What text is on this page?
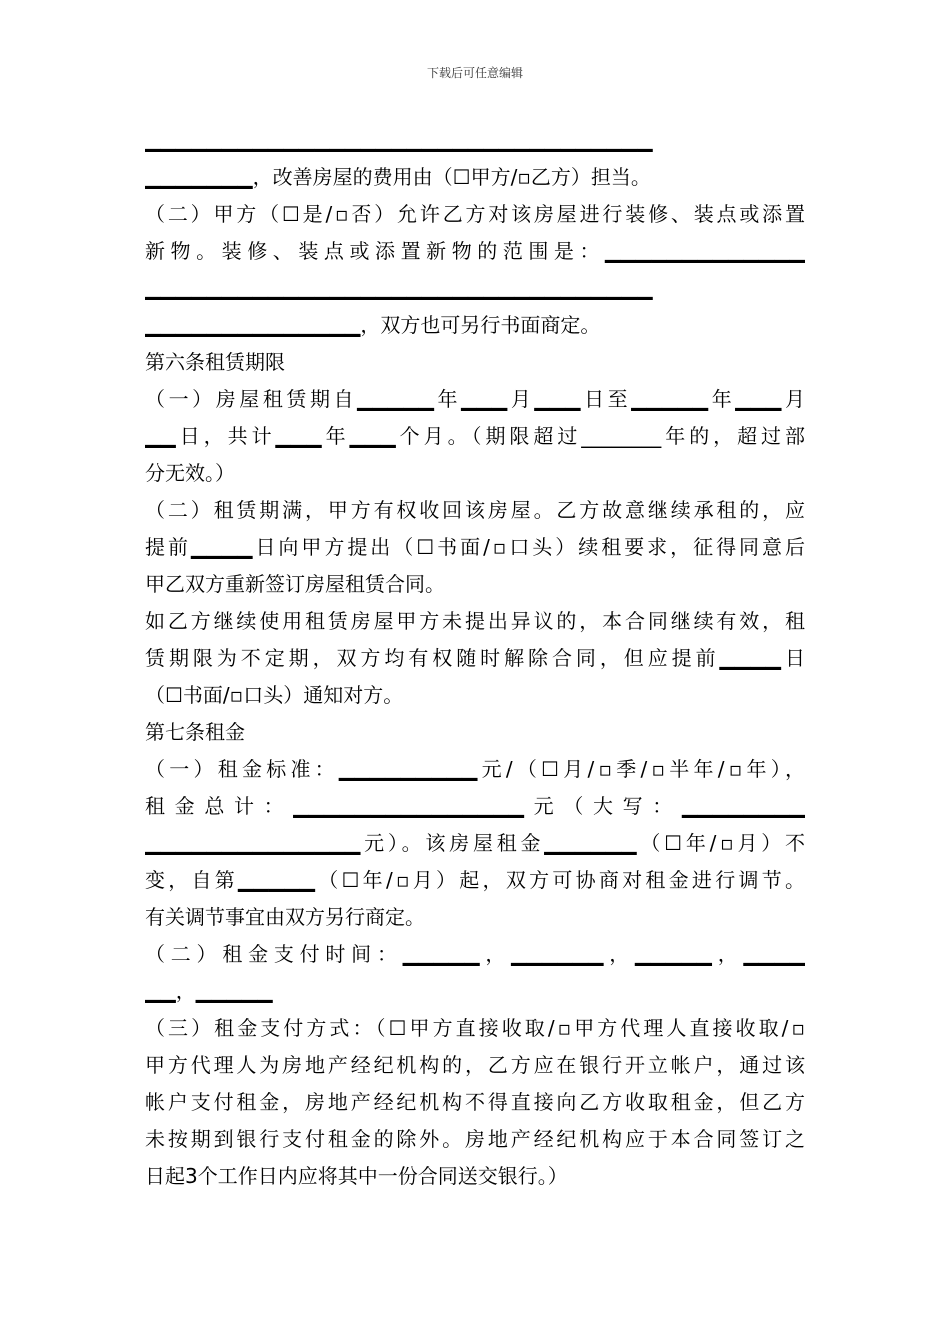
下载后可任意编辑
▁▁▁▁▁▁▁▁▁▁▁▁▁▁▁▁▁▁▁▁▁▁▁▁▁▁▁▁▁▁▁▁▁
▁▁▁▁▁▁▁，改善房屋的费用由（☐甲方/▫乙方）担当。
（二）甲方（☐是/▫否）允许乙方对该房屋进行装修、装点或添置
新物。装修、装点或添置新物的范围是：▁▁▁▁▁▁▁▁▁▁▁▁▁
▁▁▁▁▁▁▁▁▁▁▁▁▁▁▁▁▁▁▁▁▁▁▁▁▁▁▁▁▁▁▁▁▁
▁▁▁▁▁▁▁▁▁▁▁▁▁▁，双方也可另行书面商定。
第六条租赁期限
（一）房屋租赁期自▁▁▁▁▁年▁▁▁月▁▁▁日至▁▁▁▁▁年▁▁▁月
▁▁日，共计▁▁▁年▁▁▁个月。（期限超过________年的，超过部
分无效。）
（二）租赁期满，甲方有权收回该房屋。乙方故意继续承租的，应
提前▁▁▁▁日向甲方提出（☐书面/▫口头）续租要求，征得同意后
甲乙双方重新签订房屋租赁合同。
如乙方继续使用租赁房屋甲方未提出异议的，本合同继续有效，租
赁期限为不定期，双方均有权随时解除合同，但应提前▁▁▁▁日
（☐书面/▫口头）通知对方。
第七条租金
（一）租金标准：▁▁▁▁▁▁▁▁▁元/（☐月/▫季/▫半年/▫年），
租金总计：▁▁▁▁▁▁▁▁▁▁▁▁▁▁▁元（大写：▁▁▁▁▁▁▁▁
▁▁▁▁▁▁▁▁▁▁▁▁▁▁元）。该房屋租金▁▁▁▁▁▁（☐年/▫月）不
变，自第▁▁▁▁▁（☐年/▫月）起，双方可协商对租金进行调节。
有关调节事宜由双方另行商定。
（二）租金支付时间：▁▁▁▁▁，▁▁▁▁▁▁，▁▁▁▁▁，▁▁▁▁
▁▁，▁▁▁▁▁
（三）租金支付方式：（☐甲方直接收取/▫甲方代理人直接收取/▫
甲方代理人为房地产经纪机构的，乙方应在银行开立帐户，通过该
帐户支付租金，房地产经纪机构不得直接向乙方收取租金，但乙方
未按期到银行支付租金的除外。房地产经纪机构应于本合同签订之
日起3个工作日内应将其中一份合同送交银行。）
